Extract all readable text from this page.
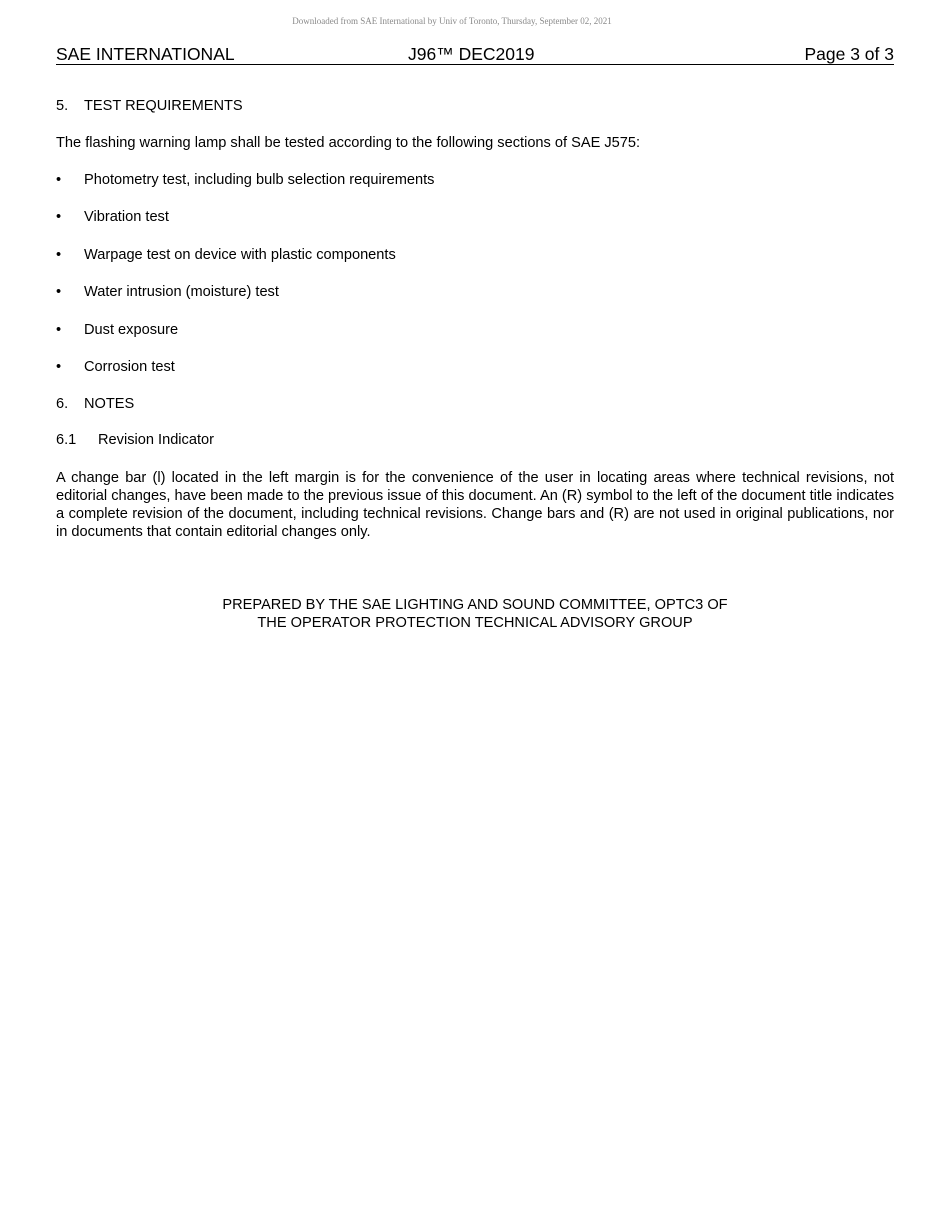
Downloaded from SAE International by Univ of Toronto, Thursday, September 02, 2021
SAE INTERNATIONAL	J96™ DEC2019	Page 3 of 3
5. TEST REQUIREMENTS
The flashing warning lamp shall be tested according to the following sections of SAE J575:
• Photometry test, including bulb selection requirements
• Vibration test
• Warpage test on device with plastic components
• Water intrusion (moisture) test
• Dust exposure
• Corrosion test
6. NOTES
6.1 Revision Indicator
A change bar (l) located in the left margin is for the convenience of the user in locating areas where technical revisions, not editorial changes, have been made to the previous issue of this document. An (R) symbol to the left of the document title indicates a complete revision of the document, including technical revisions. Change bars and (R) are not used in original publications, nor in documents that contain editorial changes only.
PREPARED BY THE SAE LIGHTING AND SOUND COMMITTEE, OPTC3 OF
THE OPERATOR PROTECTION TECHNICAL ADVISORY GROUP
